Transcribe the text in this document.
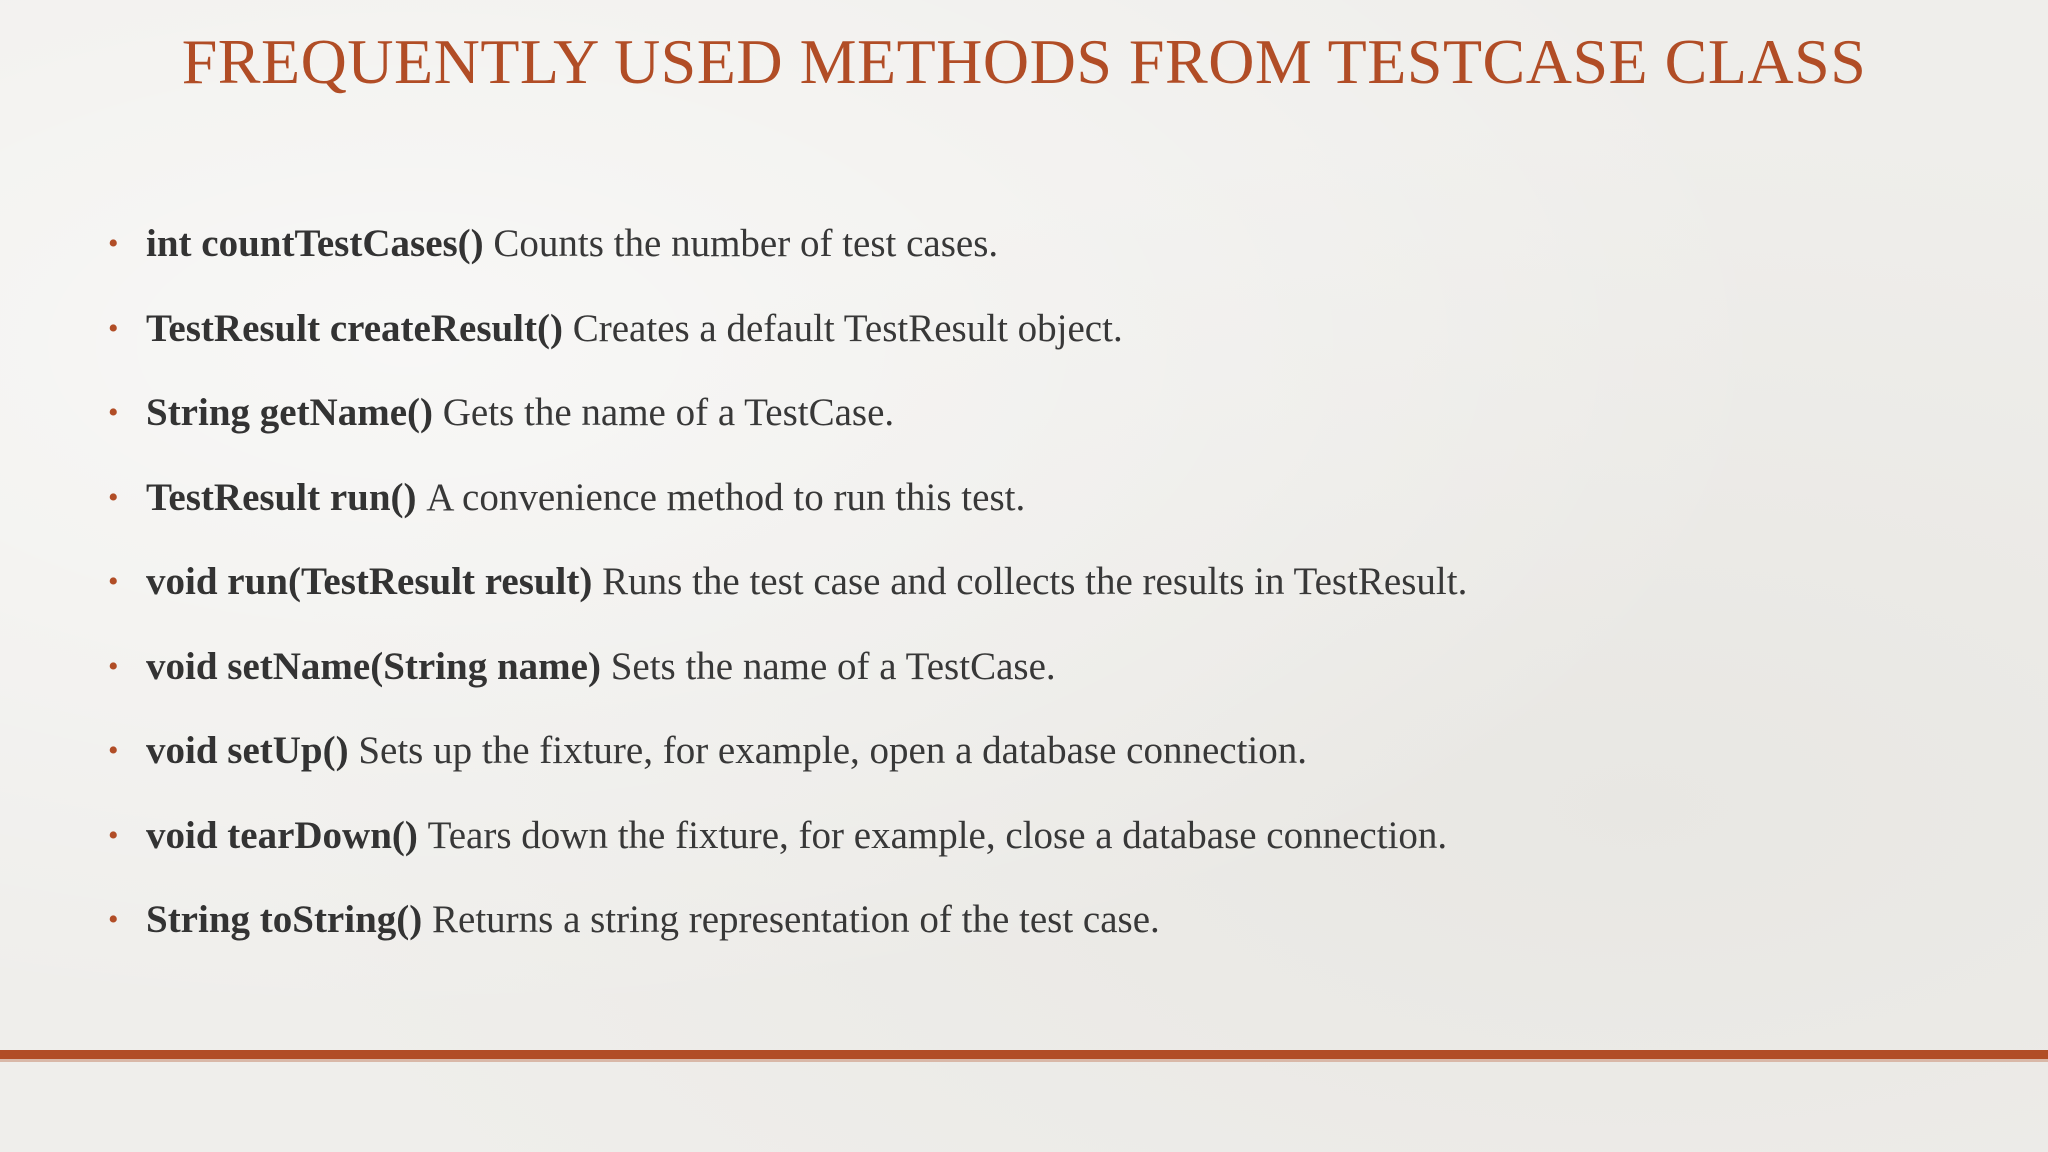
FREQUENTLY USED METHODS FROM TESTCASE CLASS
• int countTestCases() Counts the number of test cases.
• TestResult createResult() Creates a default TestResult object.
• String getName() Gets the name of a TestCase.
• TestResult run() A convenience method to run this test.
• void run(TestResult result) Runs the test case and collects the results in TestResult.
• void setName(String name) Sets the name of a TestCase.
• void setUp() Sets up the fixture, for example, open a database connection.
• void tearDown() Tears down the fixture, for example, close a database connection.
• String toString() Returns a string representation of the test case.
